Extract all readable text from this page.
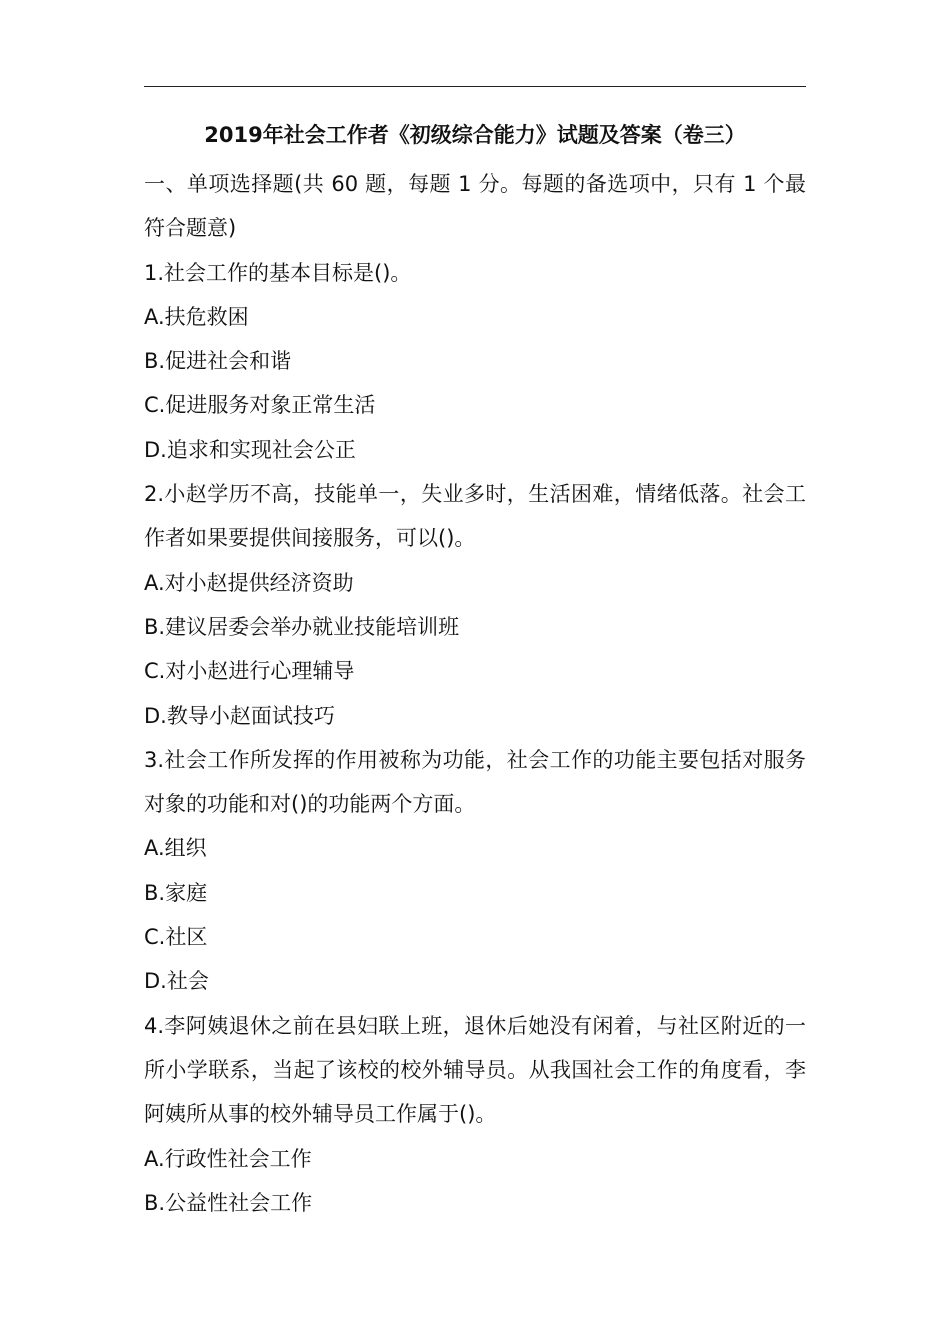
2019年社会工作者《初级综合能力》试题及答案（卷三）

一、单项选择题(共 60 题，每题 1 分。每题的备选项中，只有 1 个最符合题意)

1.社会工作的基本目标是()。

A.扶危救困

B.促进社会和谐

C.促进服务对象正常生活

D.追求和实现社会公正

2.小赵学历不高，技能单一，失业多时，生活困难，情绪低落。社会工作者如果要提供间接服务，可以()。

A.对小赵提供经济资助

B.建议居委会举办就业技能培训班

C.对小赵进行心理辅导

D.教导小赵面试技巧

3.社会工作所发挥的作用被称为功能，社会工作的功能主要包括对服务对象的功能和对()的功能两个方面。

A.组织

B.家庭

C.社区

D.社会

4.李阿姨退休之前在县妇联上班，退休后她没有闲着，与社区附近的一所小学联系，当起了该校的校外辅导员。从我国社会工作的角度看，李阿姨所从事的校外辅导员工作属于()。

A.行政性社会工作

B.公益性社会工作
